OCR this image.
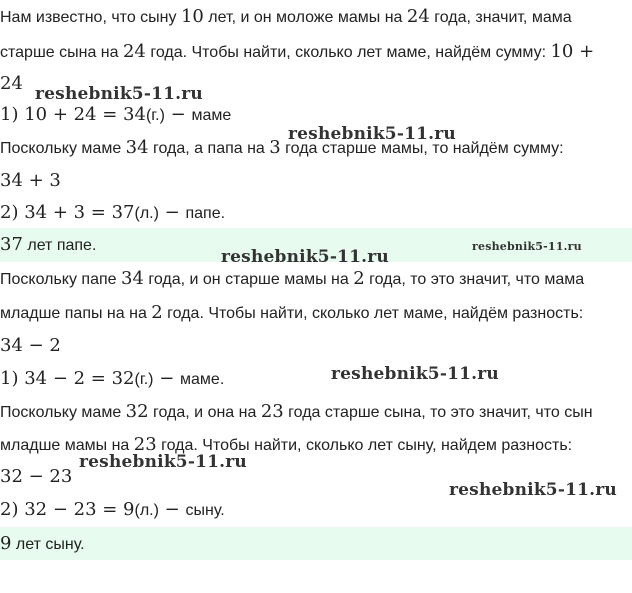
Нам известно, что сыну 10 лет, и он моложе мамы на 24 года, значит, мама
старше сына на 24 года. Чтобы найти, сколько лет маме, найдём сумму: 10 +
24
1) 10 + 24 = 34(г.) − маме
Поскольку маме 34 года, а папа на 3 года старше мамы, то найдём сумму:
34 + 3
2) 34 + 3 = 37(л.) − папе.
37 лет папе.
Поскольку папе 34 года, и он старше мамы на 2 года, то это значит, что мама
младше папы на на 2 года. Чтобы найти, сколько лет маме, найдём разность:
34 − 2
1) 34 − 2 = 32(г.) − маме.
Поскольку маме 32 года, и она на 23 года старше сына, то это значит, что сын
младше мамы на 23 года. Чтобы найти, сколько лет сыну, найдем разность:
32 − 23
2) 32 − 23 = 9(л.) − сыну.
9 лет сыну.
reshebnik5-11.ru
reshebnik5-11.ru
reshebnik5-11.ru
reshebnik5-11.ru
reshebnik5-11.ru
reshebnik5-11.ru
reshebnik5-11.ru
